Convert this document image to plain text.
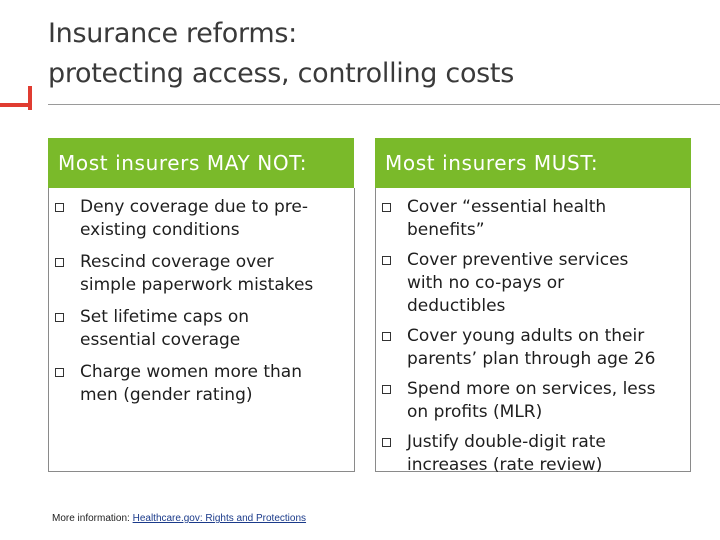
Insurance reforms:
protecting access, controlling costs
Most insurers MAY NOT:	Most insurers MUST:
Deny coverage due to pre-existing conditions
Rescind coverage over simple paperwork mistakes
Set lifetime caps on essential coverage
Charge women more than men (gender rating)
Cover “essential health benefits”
Cover preventive services with no co-pays or deductibles
Cover young adults on their parents’ plan through age 26
Spend more on services, less on profits (MLR)
Justify double-digit rate increases (rate review)
More information: Healthcare.gov: Rights and Protections
